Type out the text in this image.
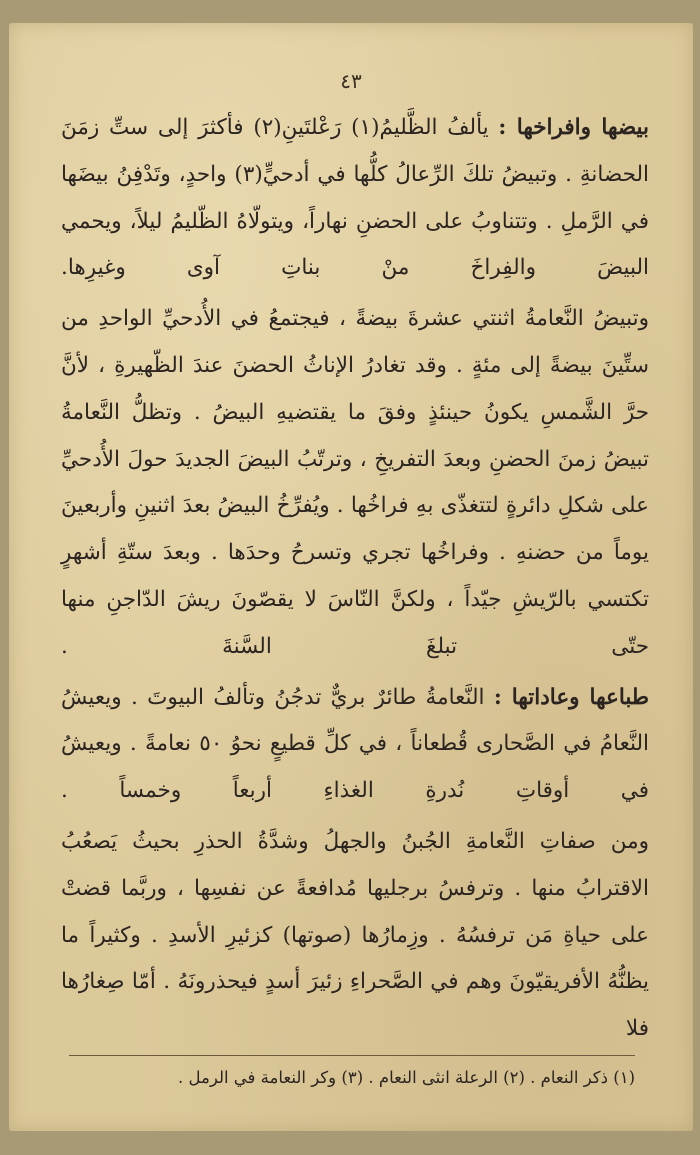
٤٣

بيضها وافراخها : يألفُ الظَّليمُ(١) رَعْلتَينِ(٢) فأكثرَ إلى ستِّ زمَنَ الحضانةِ . وتبيضُ تلكَ الرِّعالُ كلُّها في أدحيٍّ(٣) واحدٍ، وتَدْفِنُ بيضَها في الرَّملِ . وتتناوبُ على الحضنِ نهاراً، ويتولّاهُ الظّليمُ ليلاً، ويحمي البيضَ والفِراخَ منْ بناتِ آوى وغيرِها.

وتبيضُ النَّعامةُ اثنتي عشرةَ بيضةً ، فيجتمعُ في الأُدحيِّ الواحدِ من ستِّينَ بيضةً إلى مئةٍ . وقد تغادرُ الإناثُ الحضنَ عندَ الظّهيرةِ ، لأنَّ حرَّ الشَّمسِ يكونُ حينئذٍ وفقَ ما يقتضيهِ البيضُ . وتظلُّ النَّعامةُ تبيضُ زمنَ الحضنِ وبعدَ التفريخِ ، وترتّبُ البيضَ الجديدَ حولَ الأُدحيِّ على شكلِ دائرةٍ لتتغذّى بهِ فراخُها . ويُفرِّخُ البيضُ بعدَ اثنينِ وأربعينَ يوماً من حضنهِ . وفراخُها تجري وتسرحُ وحدَها . وبعدَ ستّةِ أشهرٍ تكتسي بالرّيشِ جيّداً ، ولكنَّ النّاسَ لا يقصّونَ ريشَ الدّاجنِ منها حتّى تبلغَ السَّنةَ .

طباعها وعاداتها : النَّعامةُ طائرٌ بريٌّ تدجُنُ وتألفُ البيوتَ . ويعيشُ النَّعامُ في الصَّحارى قُطعاناً ، في كلِّ قطيعٍ نحوُ ٥٠ نعامةً . ويعيشُ في أوقاتِ نُدرةِ الغذاءِ أربعاً وخمساً .

ومن صفاتِ النَّعامةِ الجُبنُ والجهلُ وشدَّةُ الحذرِ بحيثُ يَصعُبُ الاقترابُ منها . وترفسُ برجليها مُدافعةً عن نفسِها ، وربَّما قضتْ على حياةِ مَن ترفسُهُ . وزِمارُها (صوتها) كزئيرِ الأسدِ . وكثيراً ما يظنُّهُ الأفريقيّونَ وهم في الصَّحراءِ زئيرَ أسدٍ فيحذرونَهُ . أمّا صِغارُها فلا

(١) ذكر النعام . (٢) الرعلة انثى النعام . (٣) وكر النعامة في الرمل .
